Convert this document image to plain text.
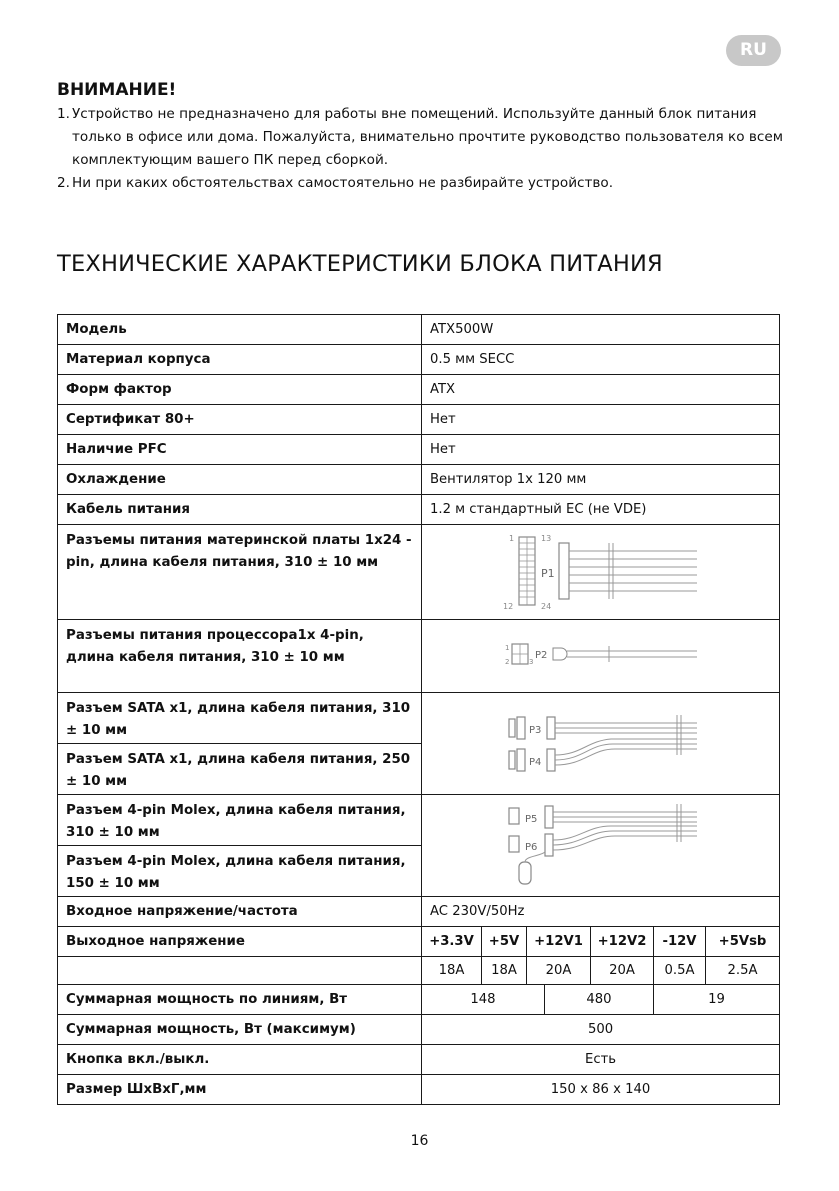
RU
ВНИМАНИЕ!
1. Устройство не предназначено для работы вне помещений. Используйте данный блок питания только в офисе или дома. Пожалуйста, внимательно прочтите руководство пользователя ко всем комплектующим вашего ПК перед сборкой.
2. Ни при каких обстоятельствах самостоятельно не разбирайте устройство.
ТЕХНИЧЕСКИЕ ХАРАКТЕРИСТИКИ БЛОКА ПИТАНИЯ
Модель	ATX500W						
Материал корпуса	0.5 мм SECC						
Форм фактор	ATX						
Сертификат 80+	Нет						
Наличие PFC	Нет						
Охлаждение	Вентилятор 1x 120 мм						
Кабель питания	1.2 м стандартный EC (не VDE)						
Разъемы питания материнской платы 1x24 -pin, длина кабеля питания, 310 ± 10 мм	1 13
12 24
P1						

Разъемы питания процессора1x 4-pin, длина кабеля питания, 310 ± 10 мм	1
2 3
P2						

Разъем SATA x1, длина кабеля питания, 310 ± 10 мм	P3
P4						

Разъем SATA x1, длина кабеля питания, 250 ± 10 мм							
Разъем 4-pin Molex, длина кабеля питания, 310 ± 10 мм	P5
P6						

Разъем 4-pin Molex, длина кабеля питания, 150 ± 10 мм							
Входное напряжение/частота	AC 230V/50Hz						
Выходное напряжение	+3.3V	+5V	+12V1		+12V2	-12V	+5Vsb
	18A	18A	20A		20A	0.5A	2.5A
Суммарная мощность по линиям, Вт	148			480		19	
Суммарная мощность, Вт (максимум)	500						
Кнопка вкл./выкл.	Есть						
Размер ШхВхГ,мм	150 x 86 x 140						
16
